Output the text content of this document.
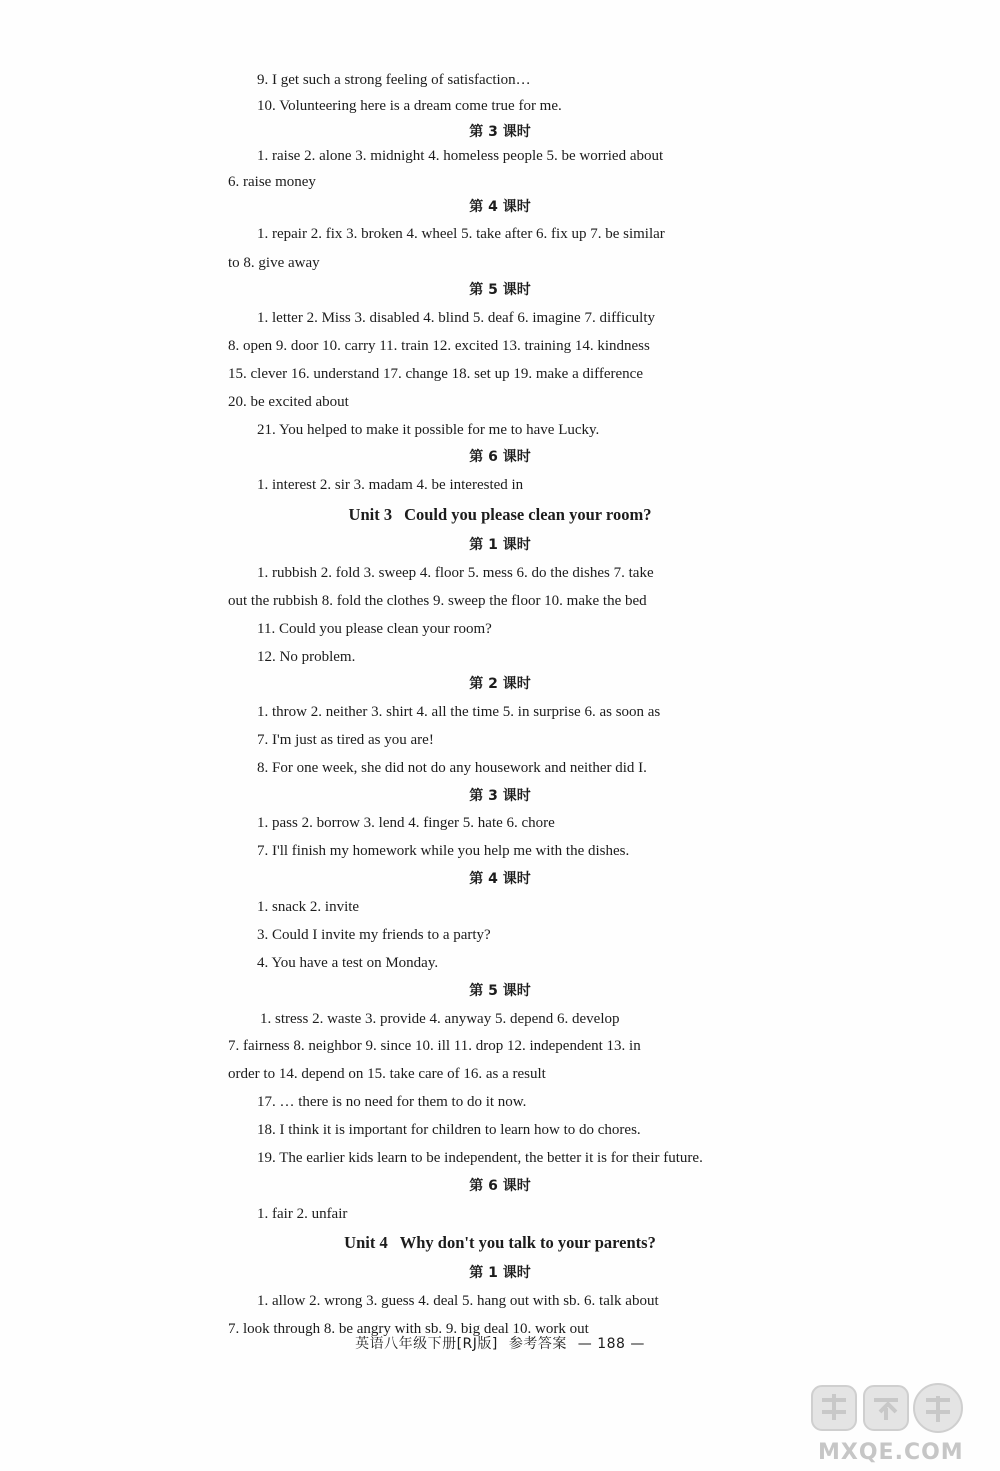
9. I get such a strong feeling of satisfaction…
10. Volunteering here is a dream come true for me.
第 3 课时
1. raise 2. alone 3. midnight 4. homeless people 5. be worried about
6. raise money
第 4 课时
1. repair 2. fix 3. broken 4. wheel 5. take after 6. fix up 7. be similar
to 8. give away
第 5 课时
1. letter 2. Miss 3. disabled 4. blind 5. deaf 6. imagine 7. difficulty
8. open 9. door 10. carry 11. train 12. excited 13. training 14. kindness
15. clever 16. understand 17. change 18. set up 19. make a difference
20. be excited about
21. You helped to make it possible for me to have Lucky.
第 6 课时
1. interest 2. sir 3. madam 4. be interested in
Unit 3 Could you please clean your room?
第 1 课时
1. rubbish 2. fold 3. sweep 4. floor 5. mess 6. do the dishes 7. take
out the rubbish 8. fold the clothes 9. sweep the floor 10. make the bed
11. Could you please clean your room?
12. No problem.
第 2 课时
1. throw 2. neither 3. shirt 4. all the time 5. in surprise 6. as soon as
7. I'm just as tired as you are!
8. For one week, she did not do any housework and neither did I.
第 3 课时
1. pass 2. borrow 3. lend 4. finger 5. hate 6. chore
7. I'll finish my homework while you help me with the dishes.
第 4 课时
1. snack 2. invite
3. Could I invite my friends to a party?
4. You have a test on Monday.
第 5 课时
1. stress 2. waste 3. provide 4. anyway 5. depend 6. develop
7. fairness 8. neighbor 9. since 10. ill 11. drop 12. independent 13. in
order to 14. depend on 15. take care of 16. as a result
17. … there is no need for them to do it now.
18. I think it is important for children to learn how to do chores.
19. The earlier kids learn to be independent, the better it is for their future.
第 6 课时
1. fair 2. unfair
Unit 4 Why don't you talk to your parents?
第 1 课时
1. allow 2. wrong 3. guess 4. deal 5. hang out with sb. 6. talk about
7. look through 8. be angry with sb. 9. big deal 10. work out
英语八年级下册[RJ版] 参考答案 — 188 —
MXQE.COM
